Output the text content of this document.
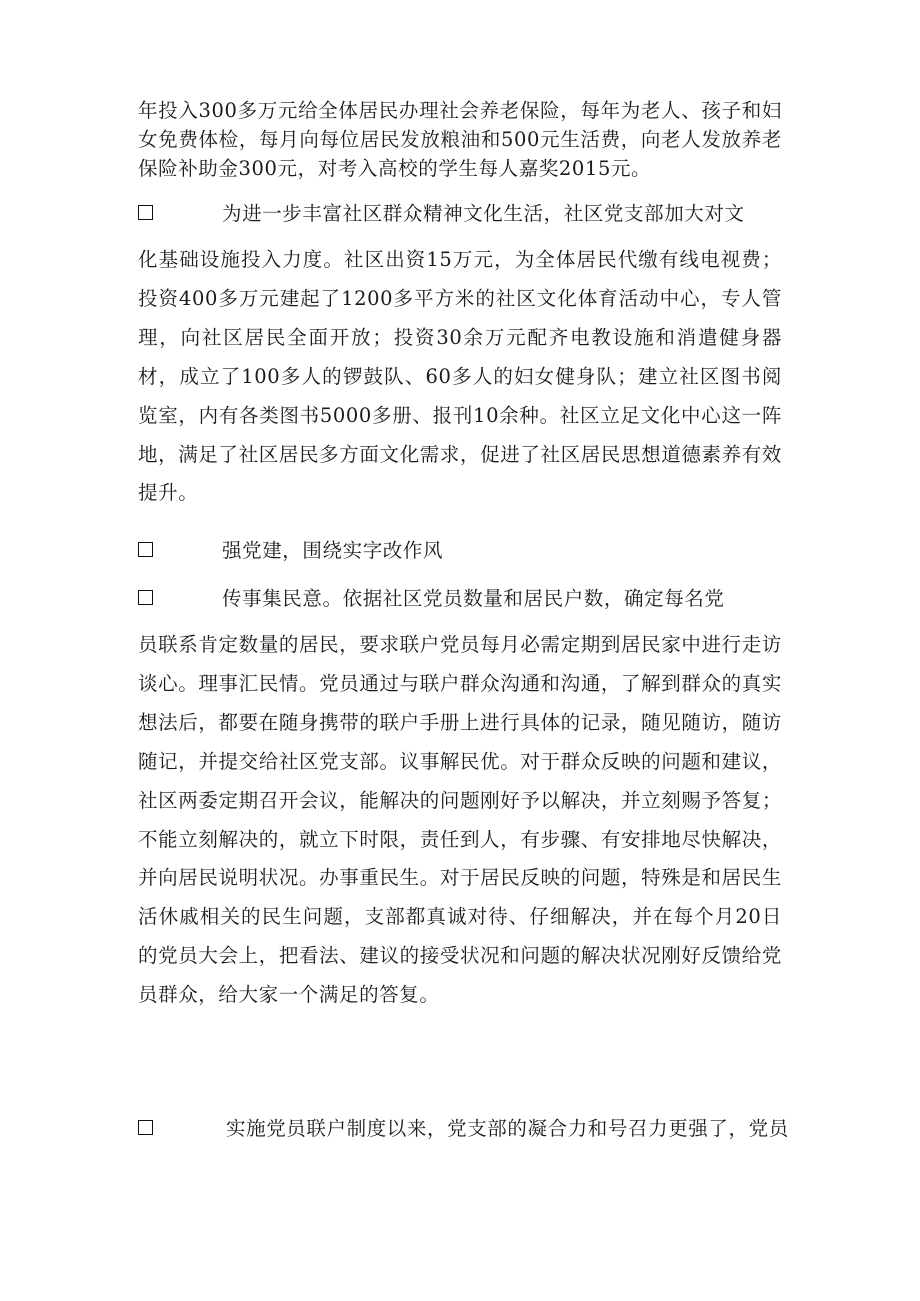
年投入300多万元给全体居民办理社会养老保险，每年为老人、孩子和妇女免费体检，每月向每位居民发放粮油和500元生活费，向老人发放养老保险补助金300元，对考入高校的学生每人嘉奖2015元。

为进一步丰富社区群众精神文化生活，社区党支部加大对文

化基础设施投入力度。社区出资15万元，为全体居民代缴有线电视费；投资400多万元建起了1200多平方米的社区文化体育活动中心，专人管理，向社区居民全面开放；投资30余万元配齐电教设施和消遣健身器材，成立了100多人的锣鼓队、60多人的妇女健身队；建立社区图书阅览室，内有各类图书5000多册、报刊10余种。社区立足文化中心这一阵地，满足了社区居民多方面文化需求，促进了社区居民思想道德素养有效提升。

强党建，围绕实字改作风
传事集民意。依据社区党员数量和居民户数，确定每名党

员联系肯定数量的居民，要求联户党员每月必需定期到居民家中进行走访谈心。理事汇民情。党员通过与联户群众沟通和沟通，了解到群众的真实想法后，都要在随身携带的联户手册上进行具体的记录，随见随访，随访随记，并提交给社区党支部。议事解民优。对于群众反映的问题和建议，社区两委定期召开会议，能解决的问题刚好予以解决，并立刻赐予答复；不能立刻解决的，就立下时限，责任到人，有步骤、有安排地尽快解决，并向居民说明状况。办事重民生。对于居民反映的问题，特殊是和居民生活休戚相关的民生问题，支部都真诚对待、仔细解决，并在每个月20日的党员大会上，把看法、建议的接受状况和问题的解决状况刚好反馈给党员群众，给大家一个满足的答复。

实施党员联户制度以来，党支部的凝合力和号召力更强了，党员
